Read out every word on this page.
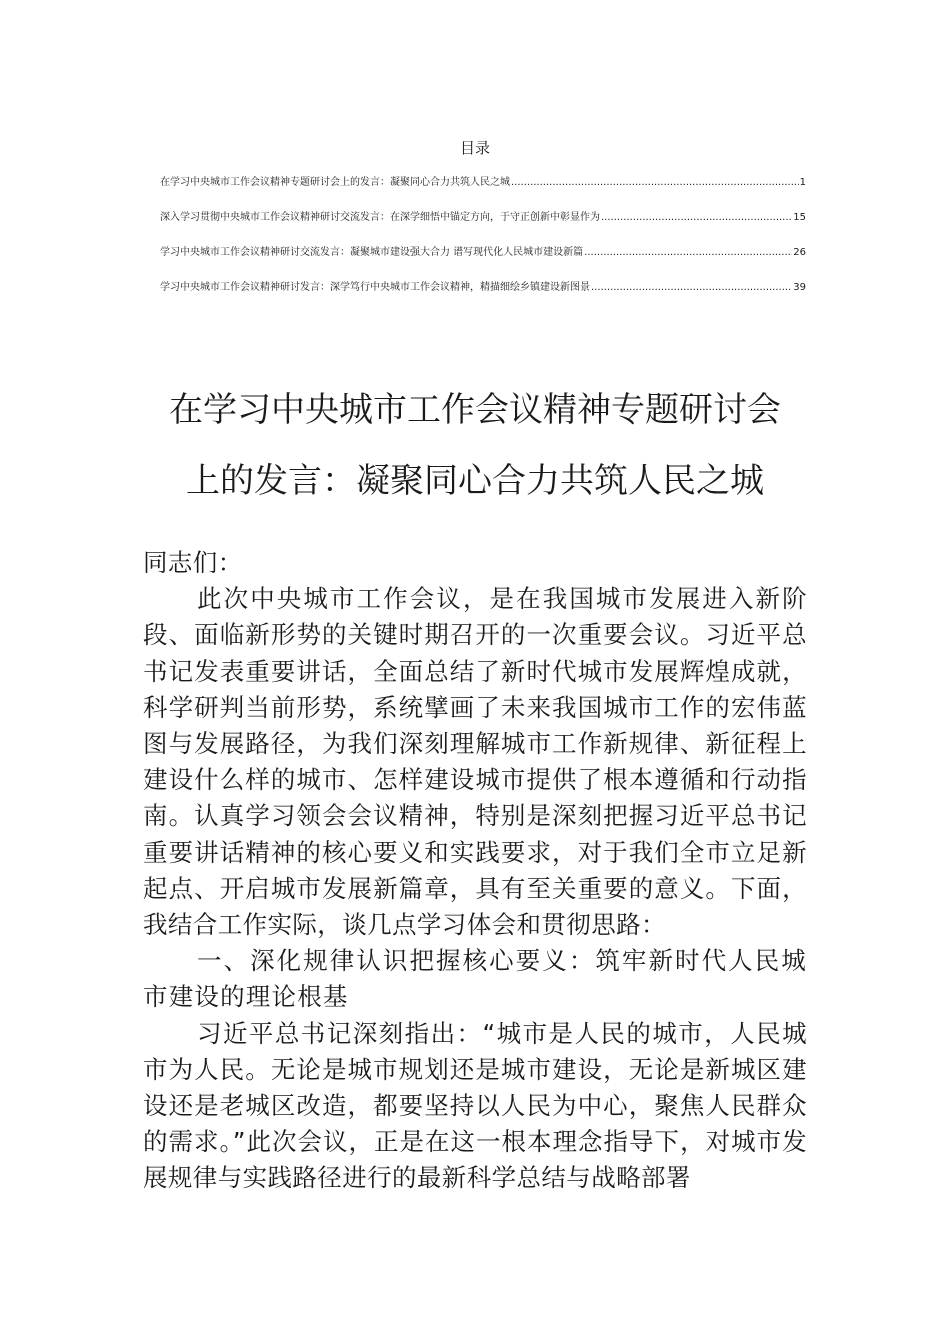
目录
在学习中央城市工作会议精神专题研讨会上的发言：凝聚同心合力共筑人民之城 .....	1
深入学习贯彻中央城市工作会议精神研讨交流发言：在深学细悟中锚定方向，于守正创新中彰显作为 .....	15
学习中央城市工作会议精神研讨交流发言：凝聚城市建设强大合力 谱写现代化人民城市建设新篇 .....	26
学习中央城市工作会议精神研讨发言：深学笃行中央城市工作会议精神，精描细绘乡镇建设新图景 .....	39
在学习中央城市工作会议精神专题研讨会
上的发言：凝聚同心合力共筑人民之城

同志们：

此次中央城市工作会议，是在我国城市发展进入新阶段、面临新形势的关键时期召开的一次重要会议。习近平总书记发表重要讲话，全面总结了新时代城市发展辉煌成就，科学研判当前形势，系统擘画了未来我国城市工作的宏伟蓝图与发展路径，为我们深刻理解城市工作新规律、新征程上建设什么样的城市、怎样建设城市提供了根本遵循和行动指南。认真学习领会会议精神，特别是深刻把握习近平总书记重要讲话精神的核心要义和实践要求，对于我们全市立足新起点、开启城市发展新篇章，具有至关重要的意义。下面，我结合工作实际，谈几点学习体会和贯彻思路：

一、深化规律认识把握核心要义：筑牢新时代人民城市建设的理论根基

习近平总书记深刻指出：“城市是人民的城市，人民城市为人民。无论是城市规划还是城市建设，无论是新城区建设还是老城区改造，都要坚持以人民为中心，聚焦人民群众的需求。”此次会议，正是在这一根本理念指导下，对城市发展规律与实践路径进行的最新科学总结与战略部署
